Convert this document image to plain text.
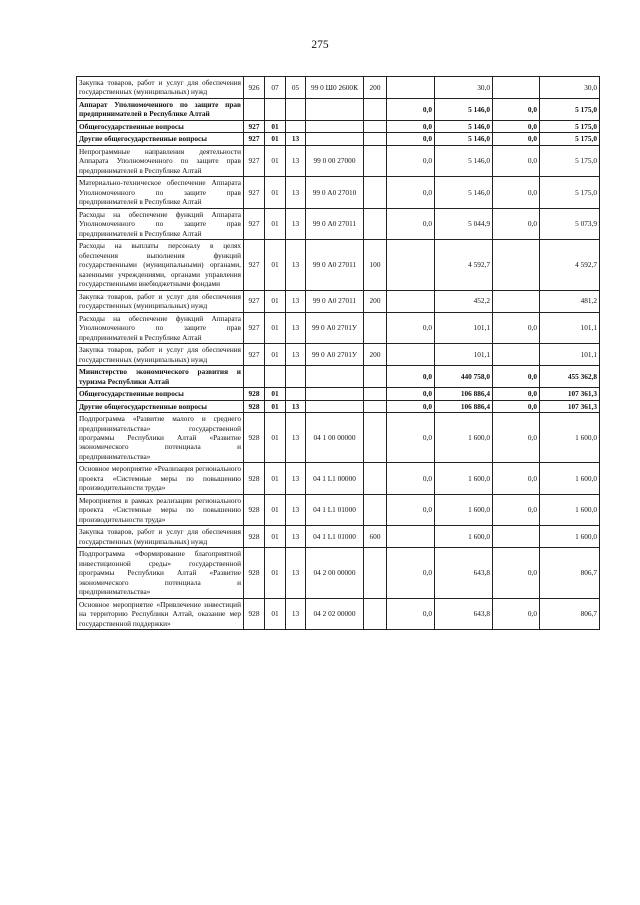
275
Закупка товаров, работ и услуг для обеспечения государственных (муниципальных) нужд	926	07	05	99 0 Ш0 2600К	200		30,0		30,0
Аппарат Уполномоченного по защите прав предпринимателей в Республике Алтай						0,0	5 146,0	0,0	5 175,0
Общегосударственные вопросы	927	01				0,0	5 146,0	0,0	5 175,0
Другие общегосударственные вопросы	927	01	13			0,0	5 146,0	0,0	5 175,0
Непрограммные направления деятельности Аппарата Уполномоченного по защите прав предпринимателей в Республике Алтай	927	01	13	99 0 00 27000		0,0	5 146,0	0,0	5 175,0
Материально-техническое обеспечение Аппарата Уполномоченного по защите прав предпринимателей в Республике Алтай	927	01	13	99 0 А0 27010		0,0	5 146,0	0,0	5 175,0
Расходы на обеспечение функций Аппарата Уполномоченного по защите прав предпринимателей в Республике Алтай	927	01	13	99 0 А0 27011		0,0	5 044,9	0,0	5 073,9
Расходы на выплаты персоналу в целях обеспечения выполнения функций государственными (муниципальными) органами, казенными учреждениями, органами управления государственными внебюджетными фондами	927	01	13	99 0 А0 27011	100		4 592,7		4 592,7
Закупка товаров, работ и услуг для обеспечения государственных (муниципальных) нужд	927	01	13	99 0 А0 27011	200		452,2		481,2
Расходы на обеспечение функций Аппарата Уполномоченного по защите прав предпринимателей в Республике Алтай	927	01	13	99 0 А0 2701У		0,0	101,1	0,0	101,1
Закупка товаров, работ и услуг для обеспечения государственных (муниципальных) нужд	927	01	13	99 0 А0 2701У	200		101,1		101,1
Министерство экономического развития и туризма Республики Алтай						0,0	440 758,0	0,0	455 362,8
Общегосударственные вопросы	928	01				0,0	106 886,4	0,0	107 361,3
Другие общегосударственные вопросы	928	01	13			0,0	106 886,4	0,0	107 361,3
Подпрограмма «Развитие малого и среднего предпринимательства» государственной программы Республики Алтай «Развитие экономического потенциала и предпринимательства»	928	01	13	04 1 00 00000		0,0	1 600,0	0,0	1 600,0
Основное мероприятие «Реализация регионального проекта «Системные меры по повышению производительности труда»	928	01	13	04 1 L1 00000		0,0	1 600,0	0,0	1 600,0
Мероприятия в рамках реализации регионального проекта «Системные меры по повышению производительности труда»	928	01	13	04 1 L1 01000		0,0	1 600,0	0,0	1 600,0
Закупка товаров, работ и услуг для обеспечения государственных (муниципальных) нужд	928	01	13	04 1 L1 01000	600		1 600,0		1 600,0
Подпрограмма «Формирование благоприятной инвестиционной среды» государственной программы Республики Алтай «Развитие экономического потенциала и предпринимательства»	928	01	13	04 2 00 00000		0,0	643,8	0,0	806,7
Основное мероприятие «Привлечение инвестиций на территорию Республики Алтай, оказание мер государственной поддержки»	928	01	13	04 2 02 00000		0,0	643,8	0,0	806,7
